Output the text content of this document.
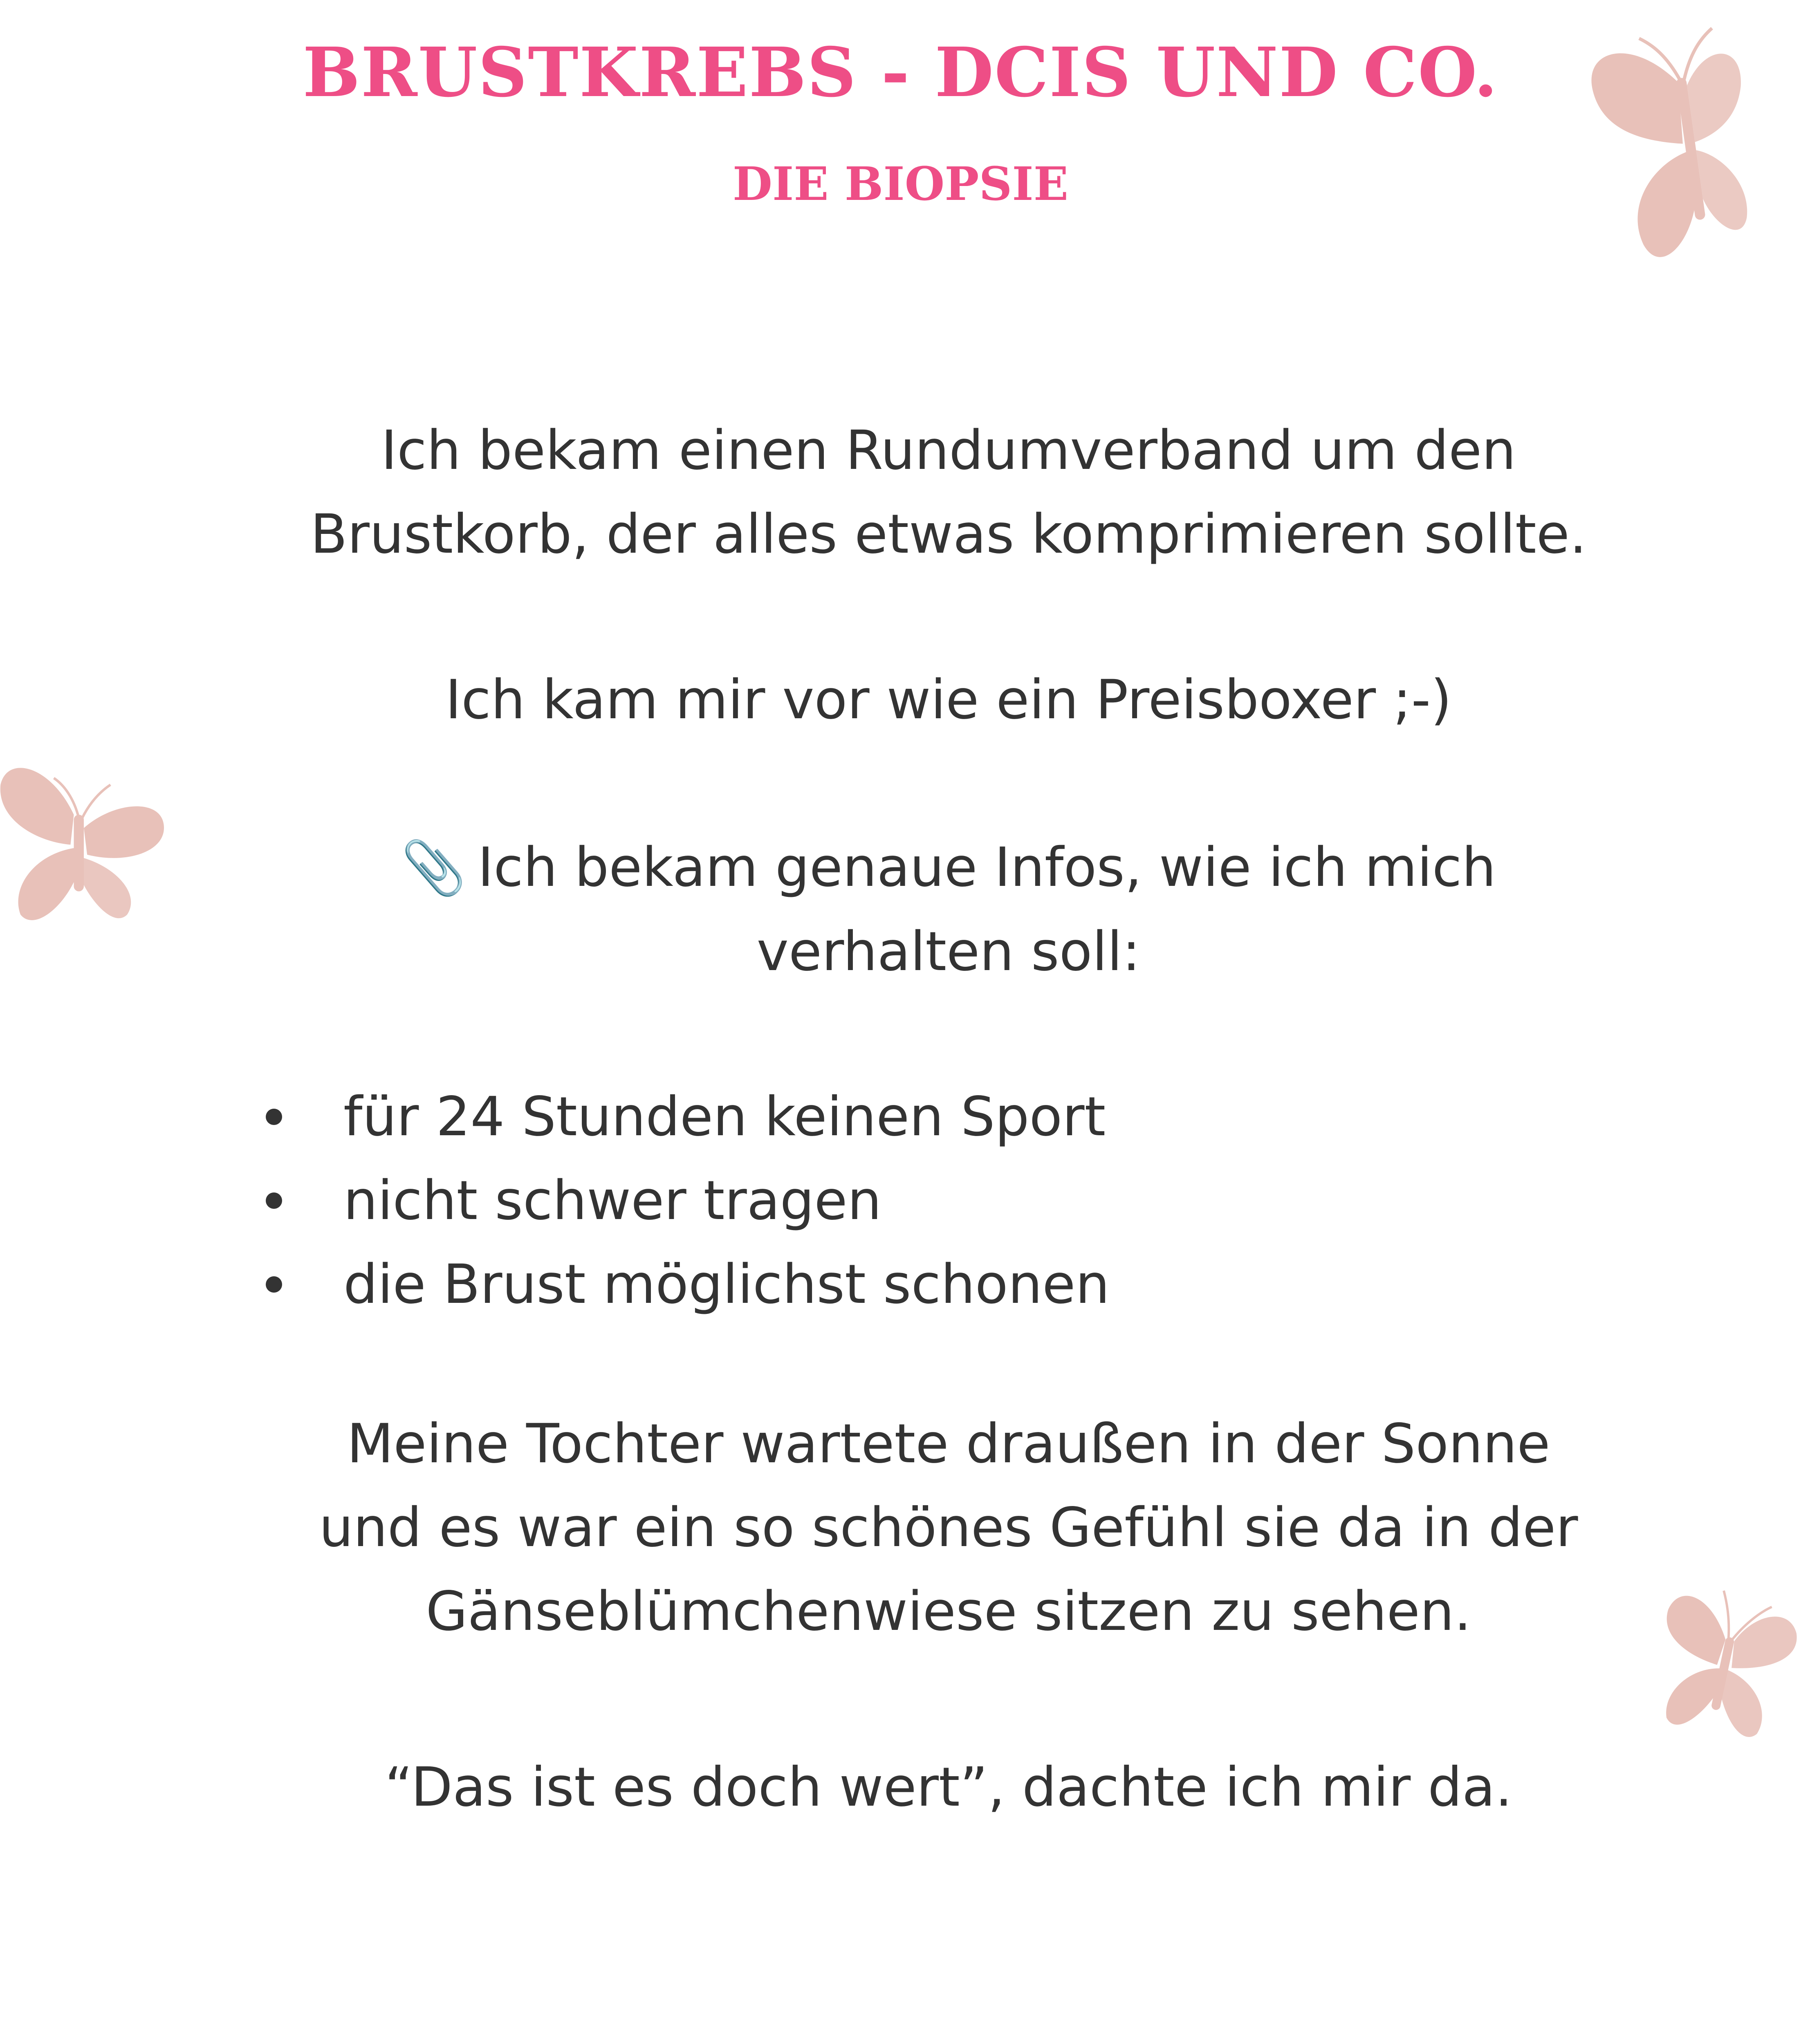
BRUSTKREBS - DCIS UND CO.
DIE BIOPSIE
Ich bekam einen Rundumverband um den
Brustkorb, der alles etwas komprimieren sollte.
Ich kam mir vor wie ein Preisboxer ;-)
📎 Ich bekam genaue Infos, wie ich mich
verhalten soll:
für 24 Stunden keinen Sport
nicht schwer tragen
die Brust möglichst schonen
Meine Tochter wartete draußen in der Sonne
und es war ein so schönes Gefühl sie da in der
Gänseblümchenwiese sitzen zu sehen.
“Das ist es doch wert”, dachte ich mir da.
